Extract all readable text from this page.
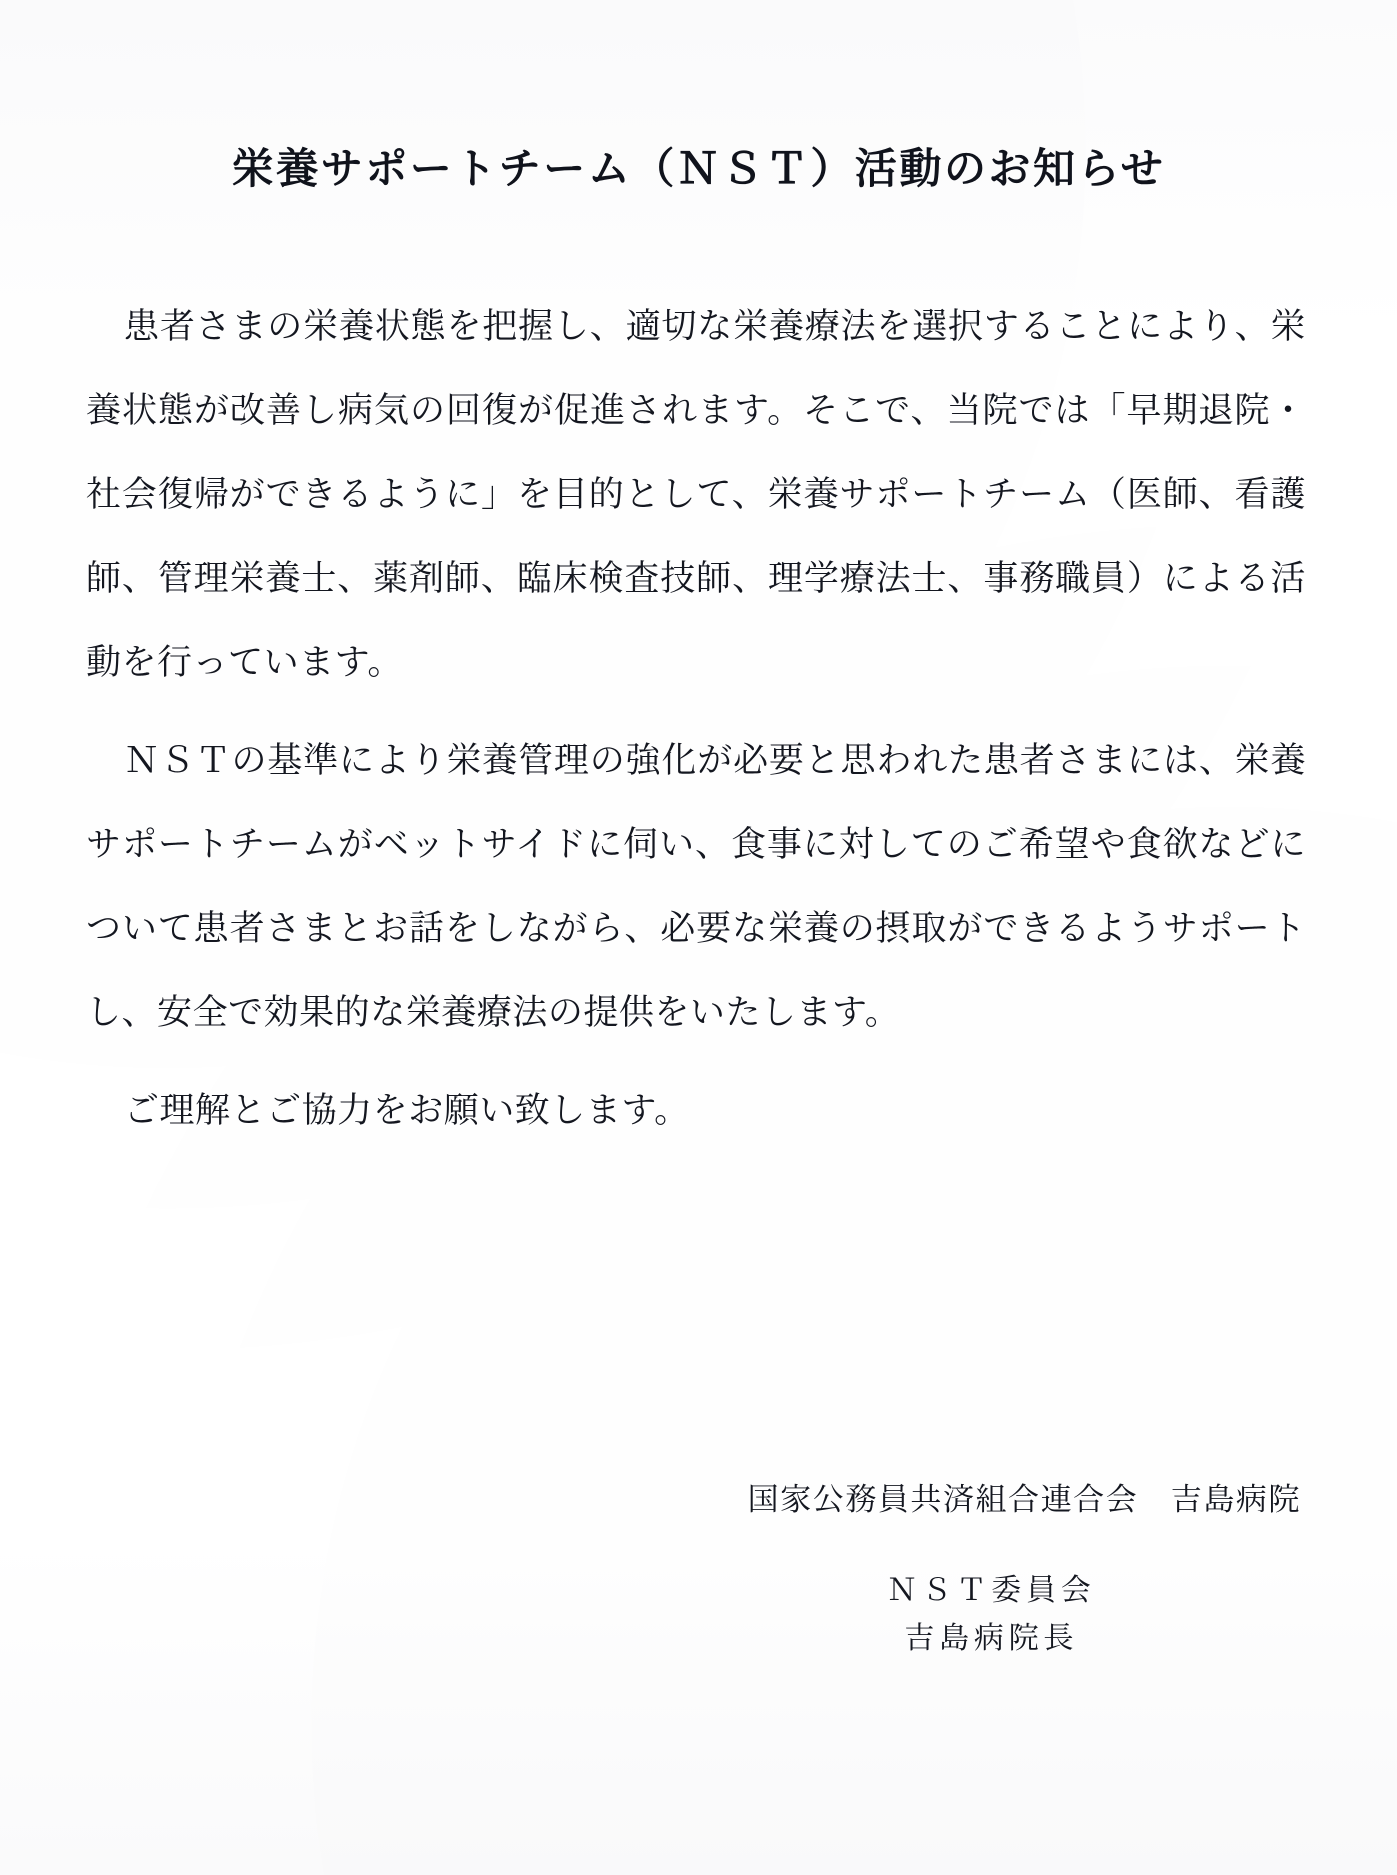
栄養サポートチーム（ＮＳＴ）活動のお知らせ

患者さまの栄養状態を把握し、適切な栄養療法を選択することにより、栄養状態が改善し病気の回復が促進されます。そこで、当院では「早期退院・社会復帰ができるように」を目的として、栄養サポートチーム（医師、看護師、管理栄養士、薬剤師、臨床検査技師、理学療法士、事務職員）による活動を行っています。

ＮＳＴの基準により栄養管理の強化が必要と思われた患者さまには、栄養サポートチームがベットサイドに伺い、食事に対してのご希望や食欲などについて患者さまとお話をしながら、必要な栄養の摂取ができるようサポートし、安全で効果的な栄養療法の提供をいたします。

ご理解とご協力をお願い致します。

国家公務員共済組合連合会　吉島病院
ＮＳＴ委員会
吉島病院長
